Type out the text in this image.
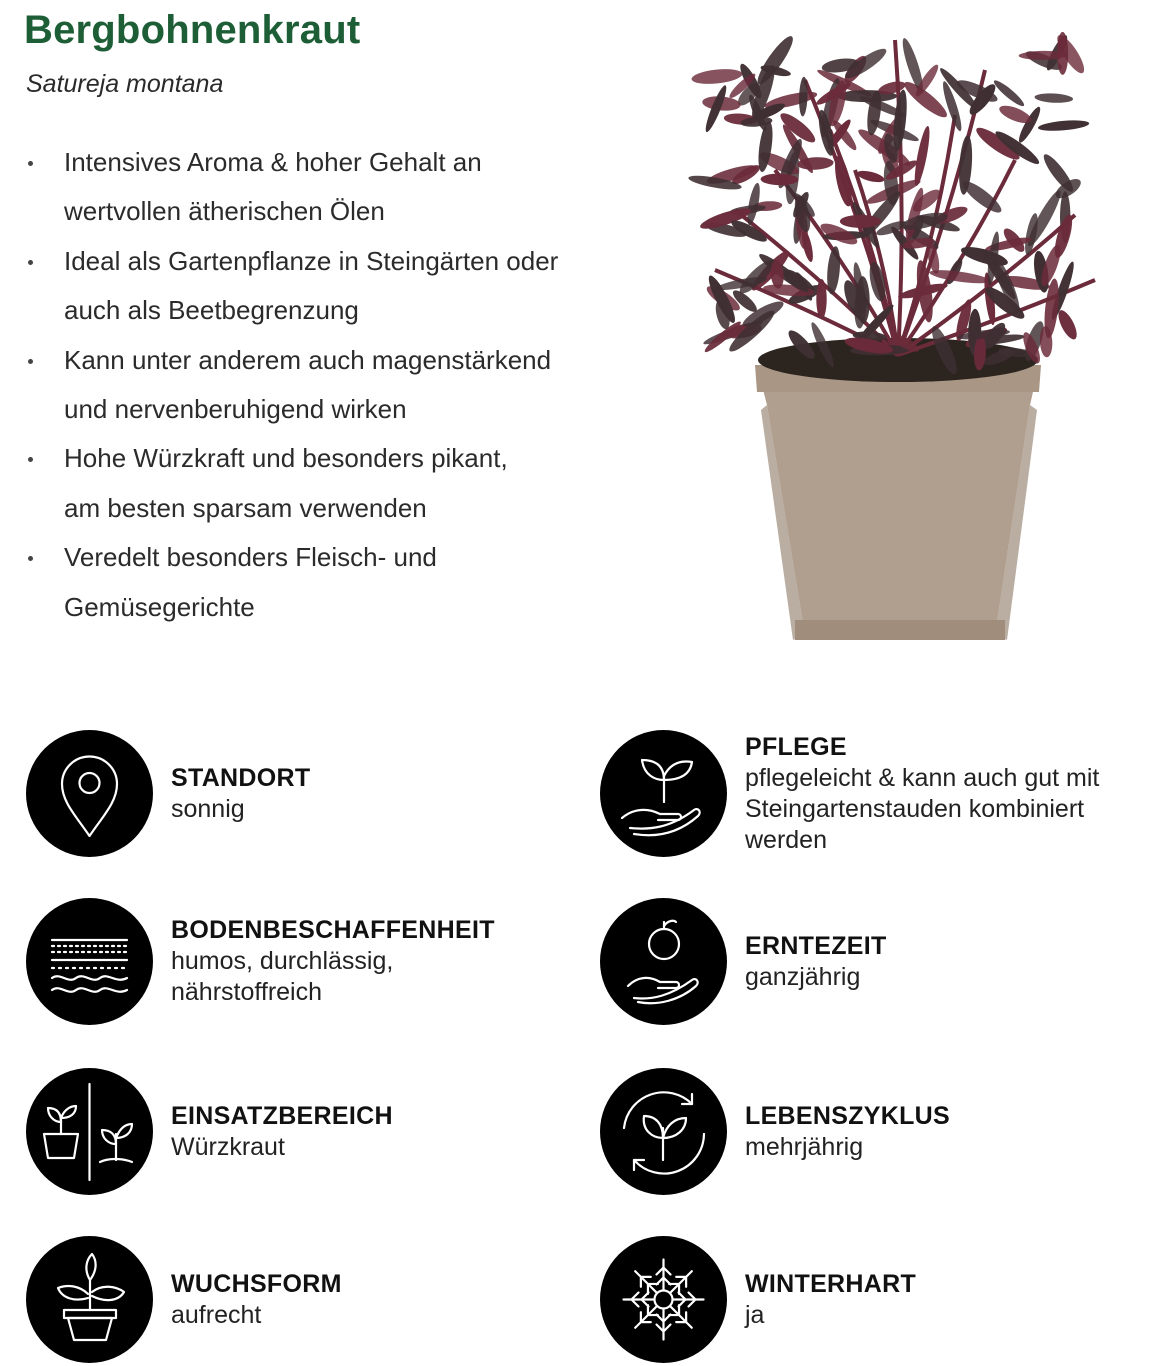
Bergbohnenkraut
Satureja montana
Intensives Aroma & hoher Gehalt an
wertvollen ätherischen Ölen
Ideal als Gartenpflanze in Steingärten oder
auch als Beetbegrenzung
Kann unter anderem auch magenstärkend
und nervenberuhigend wirken
Hohe Würzkraft und besonders pikant,
am besten sparsam verwenden
Veredelt besonders Fleisch- und
Gemüsegerichte
STANDORT
sonnig
PFLEGE
pflegeleicht & kann auch gut mit Steingartenstauden kombiniert werden
BODENBESCHAFFENHEIT
humos, durchlässig, nährstoffreich
ERNTEZEIT
ganzjährig
EINSATZBEREICH
Würzkraut
LEBENSZYKLUS
mehrjährig
WUCHSFORM
aufrecht
WINTERHART
ja
